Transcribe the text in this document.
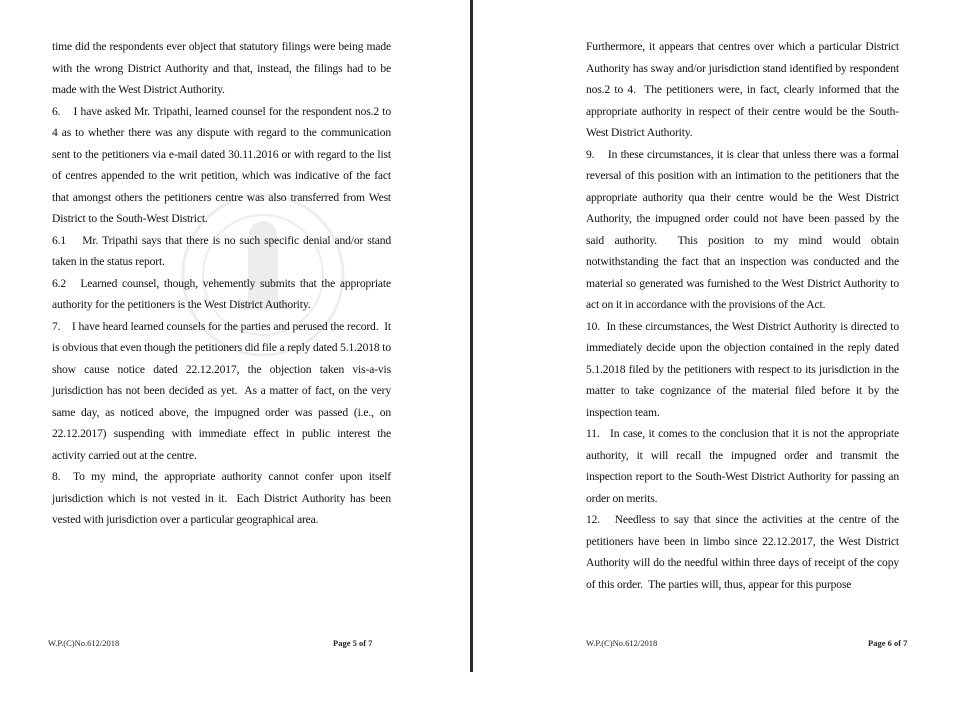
time did the respondents ever object that statutory filings were being made with the wrong District Authority and that, instead, the filings had to be made with the West District Authority.

6.    I have asked Mr. Tripathi, learned counsel for the respondent nos.2 to 4 as to whether there was any dispute with regard to the communication sent to the petitioners via e-mail dated 30.11.2016 or with regard to the list of centres appended to the writ petition, which was indicative of the fact that amongst others the petitioners centre was also transferred from West District to the South-West District.

6.1    Mr. Tripathi says that there is no such specific denial and/or stand taken in the status report.

6.2   Learned counsel, though, vehemently submits that the appropriate authority for the petitioners is the West District Authority.

7.    I have heard learned counsels for the parties and perused the record.  It is obvious that even though the petitioners did file a reply dated 5.1.2018 to show cause notice dated 22.12.2017, the objection taken vis-a-vis jurisdiction has not been decided as yet.  As a matter of fact, on the very same day, as noticed above, the impugned order was passed (i.e., on 22.12.2017) suspending with immediate effect in public interest the activity carried out at the centre.

8.  To my mind, the appropriate authority cannot confer upon itself jurisdiction which is not vested in it.  Each District Authority has been vested with jurisdiction over a particular geographical area.

W.P.(C)No.612/2018	Page 5 of 7

Furthermore, it appears that centres over which a particular District Authority has sway and/or jurisdiction stand identified by respondent nos.2 to 4.  The petitioners were, in fact, clearly informed that the appropriate authority in respect of their centre would be the South-West District Authority.

9.    In these circumstances, it is clear that unless there was a formal reversal of this position with an intimation to the petitioners that the appropriate authority qua their centre would be the West District Authority, the impugned order could not have been passed by the said authority.  This position to my mind would obtain notwithstanding the fact that an inspection was conducted and the material so generated was furnished to the West District Authority to act on it in accordance with the provisions of the Act.

10.  In these circumstances, the West District Authority is directed to immediately decide upon the objection contained in the reply dated 5.1.2018 filed by the petitioners with respect to its jurisdiction in the matter to take cognizance of the material filed before it by the inspection team.

11.   In case, it comes to the conclusion that it is not the appropriate authority, it will recall the impugned order and transmit the inspection report to the South-West District Authority for passing an order on merits.

12.   Needless to say that since the activities at the centre of the petitioners have been in limbo since 22.12.2017, the West District Authority will do the needful within three days of receipt of the copy of this order.  The parties will, thus, appear for this purpose

W.P.(C)No.612/2018	Page 6 of 7
